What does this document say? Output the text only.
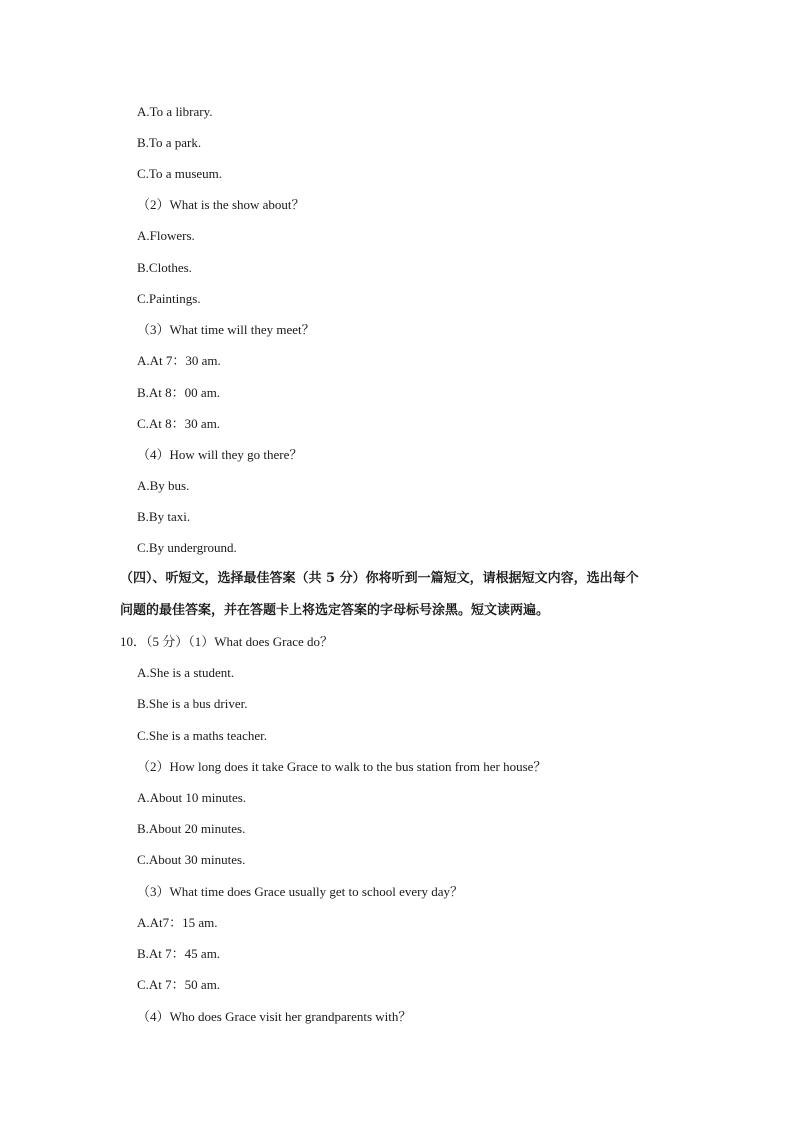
A.To a library.
B.To a park.
C.To a museum.
（2）What is the show about？
A.Flowers.
B.Clothes.
C.Paintings.
（3）What time will they meet？
A.At 7：30 am.
B.At 8：00 am.
C.At 8：30 am.
（4）How will they go there？
A.By bus.
B.By taxi.
C.By underground.
（四）、听短文，选择最佳答案（共 5 分）你将听到一篇短文，请根据短文内容，选出每个
问题的最佳答案，并在答题卡上将选定答案的字母标号涂黑。短文读两遍。
10．（5 分）（1）What does Grace do？
A.She is a student.
B.She is a bus driver.
C.She is a maths teacher.
（2）How long does it take Grace to walk to the bus station from her house？
A.About 10 minutes.
B.About 20 minutes.
C.About 30 minutes.
（3）What time does Grace usually get to school every day？
A.At7：15 am.
B.At 7：45 am.
C.At 7：50 am.
（4）Who does Grace visit her grandparents with？
